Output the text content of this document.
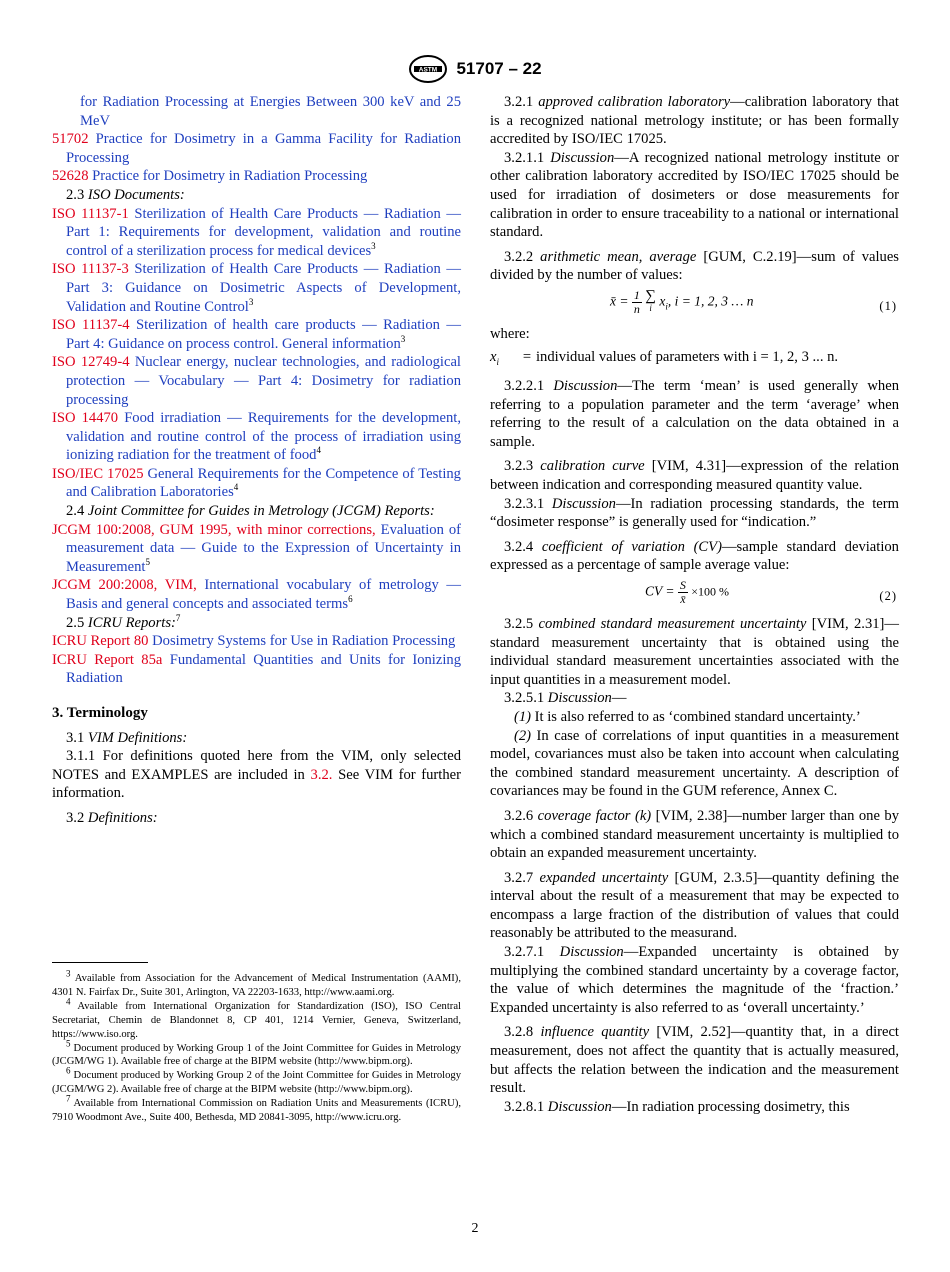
ASTM 51707 – 22
for Radiation Processing at Energies Between 300 keV and 25 MeV
51702 Practice for Dosimetry in a Gamma Facility for Radiation Processing
52628 Practice for Dosimetry in Radiation Processing
2.3 ISO Documents:
ISO 11137-1 Sterilization of Health Care Products — Radiation — Part 1: Requirements for development, validation and routine control of a sterilization process for medical devices$^3$
ISO 11137-3 Sterilization of Health Care Products — Radiation — Part 3: Guidance on Dosimetric Aspects of Development, Validation and Routine Control$^3$
ISO 11137-4 Sterilization of health care products — Radiation — Part 4: Guidance on process control. General information$^3$
ISO 12749-4 Nuclear energy, nuclear technologies, and radiological protection — Vocabulary — Part 4: Dosimetry for radiation processing
ISO 14470 Food irradiation — Requirements for the development, validation and routine control of the process of irradiation using ionizing radiation for the treatment of food$^4$
ISO/IEC 17025 General Requirements for the Competence of Testing and Calibration Laboratories$^4$
2.4 Joint Committee for Guides in Metrology (JCGM) Reports:
JCGM 100:2008, GUM 1995, with minor corrections, Evaluation of measurement data — Guide to the Expression of Uncertainty in Measurement$^5$
JCGM 200:2008, VIM, International vocabulary of metrology — Basis and general concepts and associated terms$^6$
2.5 ICRU Reports:$^7$
ICRU Report 80 Dosimetry Systems for Use in Radiation Processing
ICRU Report 85a Fundamental Quantities and Units for Ionizing Radiation
3. Terminology
3.1 VIM Definitions:
3.1.1 For definitions quoted here from the VIM, only selected NOTES and EXAMPLES are included in 3.2. See VIM for further information.
3.2 Definitions:

$^3$ Available from Association for the Advancement of Medical Instrumentation (AAMI), 4301 N. Fairfax Dr., Suite 301, Arlington, VA 22203-1633, http://www.aami.org.

$^4$ Available from International Organization for Standardization (ISO), ISO Central Secretariat, Chemin de Blandonnet 8, CP 401, 1214 Vernier, Geneva, Switzerland, https://www.iso.org.

$^5$ Document produced by Working Group 1 of the Joint Committee for Guides in Metrology (JCGM/WG 1). Available free of charge at the BIPM website (http://www.bipm.org).

$^6$ Document produced by Working Group 2 of the Joint Committee for Guides in Metrology (JCGM/WG 2). Available free of charge at the BIPM website (http://www.bipm.org).

$^7$ Available from International Commission on Radiation Units and Measurements (ICRU), 7910 Woodmont Ave., Suite 400, Bethesda, MD 20841-3095, http://www.icru.org.

3.2.1 approved calibration laboratory—calibration laboratory that is a recognized national metrology institute; or has been formally accredited by ISO/IEC 17025.
3.2.1.1 Discussion—A recognized national metrology institute or other calibration laboratory accredited by ISO/IEC 17025 should be used for irradiation of dosimeters or dose measurements for calibration in order to ensure traceability to a national or international standard.
3.2.2 arithmetic mean, average [GUM, C.2.19]—sum of values divided by the number of values:
x̄ = $\frac{1}{n}$
∑
i $x_i$, i = 1, 2, 3 … n	(1)
where:
$x_i$	= individual values of parameters with i = 1, 2, 3 ... n.
3.2.2.1 Discussion—The term ‘mean’ is used generally when referring to a population parameter and the term ‘average’ when referring to the result of a calculation on the data obtained in a sample.
3.2.3 calibration curve [VIM, 4.31]—expression of the relation between indication and corresponding measured quantity value.
3.2.3.1 Discussion—In radiation processing standards, the term “dosimeter response” is generally used for “indication.”
3.2.4 coefficient of variation (CV)—sample standard deviation expressed as a percentage of sample average value:
CV = $\frac{S}{x̄} \times 100$ %	(2)
3.2.5 combined standard measurement uncertainty [VIM, 2.31]—standard measurement uncertainty that is obtained using the individual standard measurement uncertainties associated with the input quantities in a measurement model.
3.2.5.1 Discussion—
(1) It is also referred to as ‘combined standard uncertainty.’
(2) In case of correlations of input quantities in a measurement model, covariances must also be taken into account when calculating the combined standard measurement uncertainty. A description of covariances may be found in the GUM reference, Annex C.
3.2.6 coverage factor (k) [VIM, 2.38]—number larger than one by which a combined standard measurement uncertainty is multiplied to obtain an expanded measurement uncertainty.
3.2.7 expanded uncertainty [GUM, 2.3.5]—quantity defining the interval about the result of a measurement that may be expected to encompass a large fraction of the distribution of values that could reasonably be attributed to the measurand.
3.2.7.1 Discussion—Expanded uncertainty is obtained by multiplying the combined standard uncertainty by a coverage factor, the value of which determines the magnitude of the ‘fraction.’ Expanded uncertainty is also referred to as ‘overall uncertainty.’
3.2.8 influence quantity [VIM, 2.52]—quantity that, in a direct measurement, does not affect the quantity that is actually measured, but affects the relation between the indication and the measurement result.
3.2.8.1 Discussion—In radiation processing dosimetry, this
2
